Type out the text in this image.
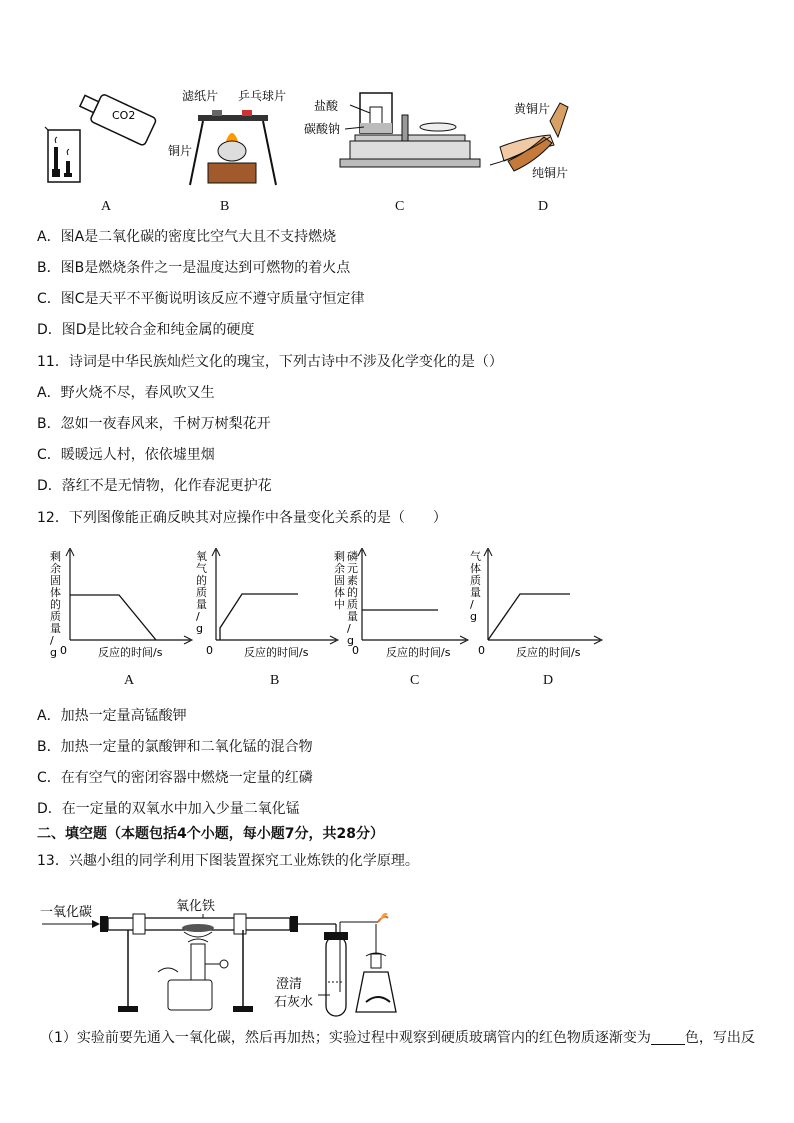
CO2
滤纸片 乒乓球片
铜片
盐酸
碳酸钠
黄铜片
纯铜片
A	B	C	D
A．图A是二氧化碳的密度比空气大且不支持燃烧
B．图B是燃烧条件之一是温度达到可燃物的着火点
C．图C是天平不平衡说明该反应不遵守质量守恒定律
D．图D是比较合金和纯金属的硬度
11．诗词是中华民族灿烂文化的瑰宝，下列古诗中不涉及化学变化的是（）
A．野火烧不尽，春风吹又生
B．忽如一夜春风来，千树万树梨花开
C．暖暖远人村，依依墟里烟
D．落红不是无情物，化作春泥更护花
12．下列图像能正确反映其对应操作中各量变化关系的是（　　）
剩余固体的质量/ g 0	反应的时间/s
氧气的质量/ g
0	反应的时间/s
剩余固体中
磷元素的质量/ g
0 反应的时间/s
气体质量/ g
0	反应的时间/s
A	B	C	D
A．加热一定量高锰酸钾
B．加热一定量的氯酸钾和二氧化锰的混合物
C．在有空气的密闭容器中燃烧一定量的红磷
D．在一定量的双氧水中加入少量二氧化锰
二、填空题（本题包括4个小题，每小题7分，共28分）
13．兴趣小组的同学利用下图装置探究工业炼铁的化学原理。
一氧化碳	氧化铁
澄清
石灰水
（1）实验前要先通入一氧化碳，然后再加热；实验过程中观察到硬质玻璃管内的红色物质逐渐变为 色，写出反
